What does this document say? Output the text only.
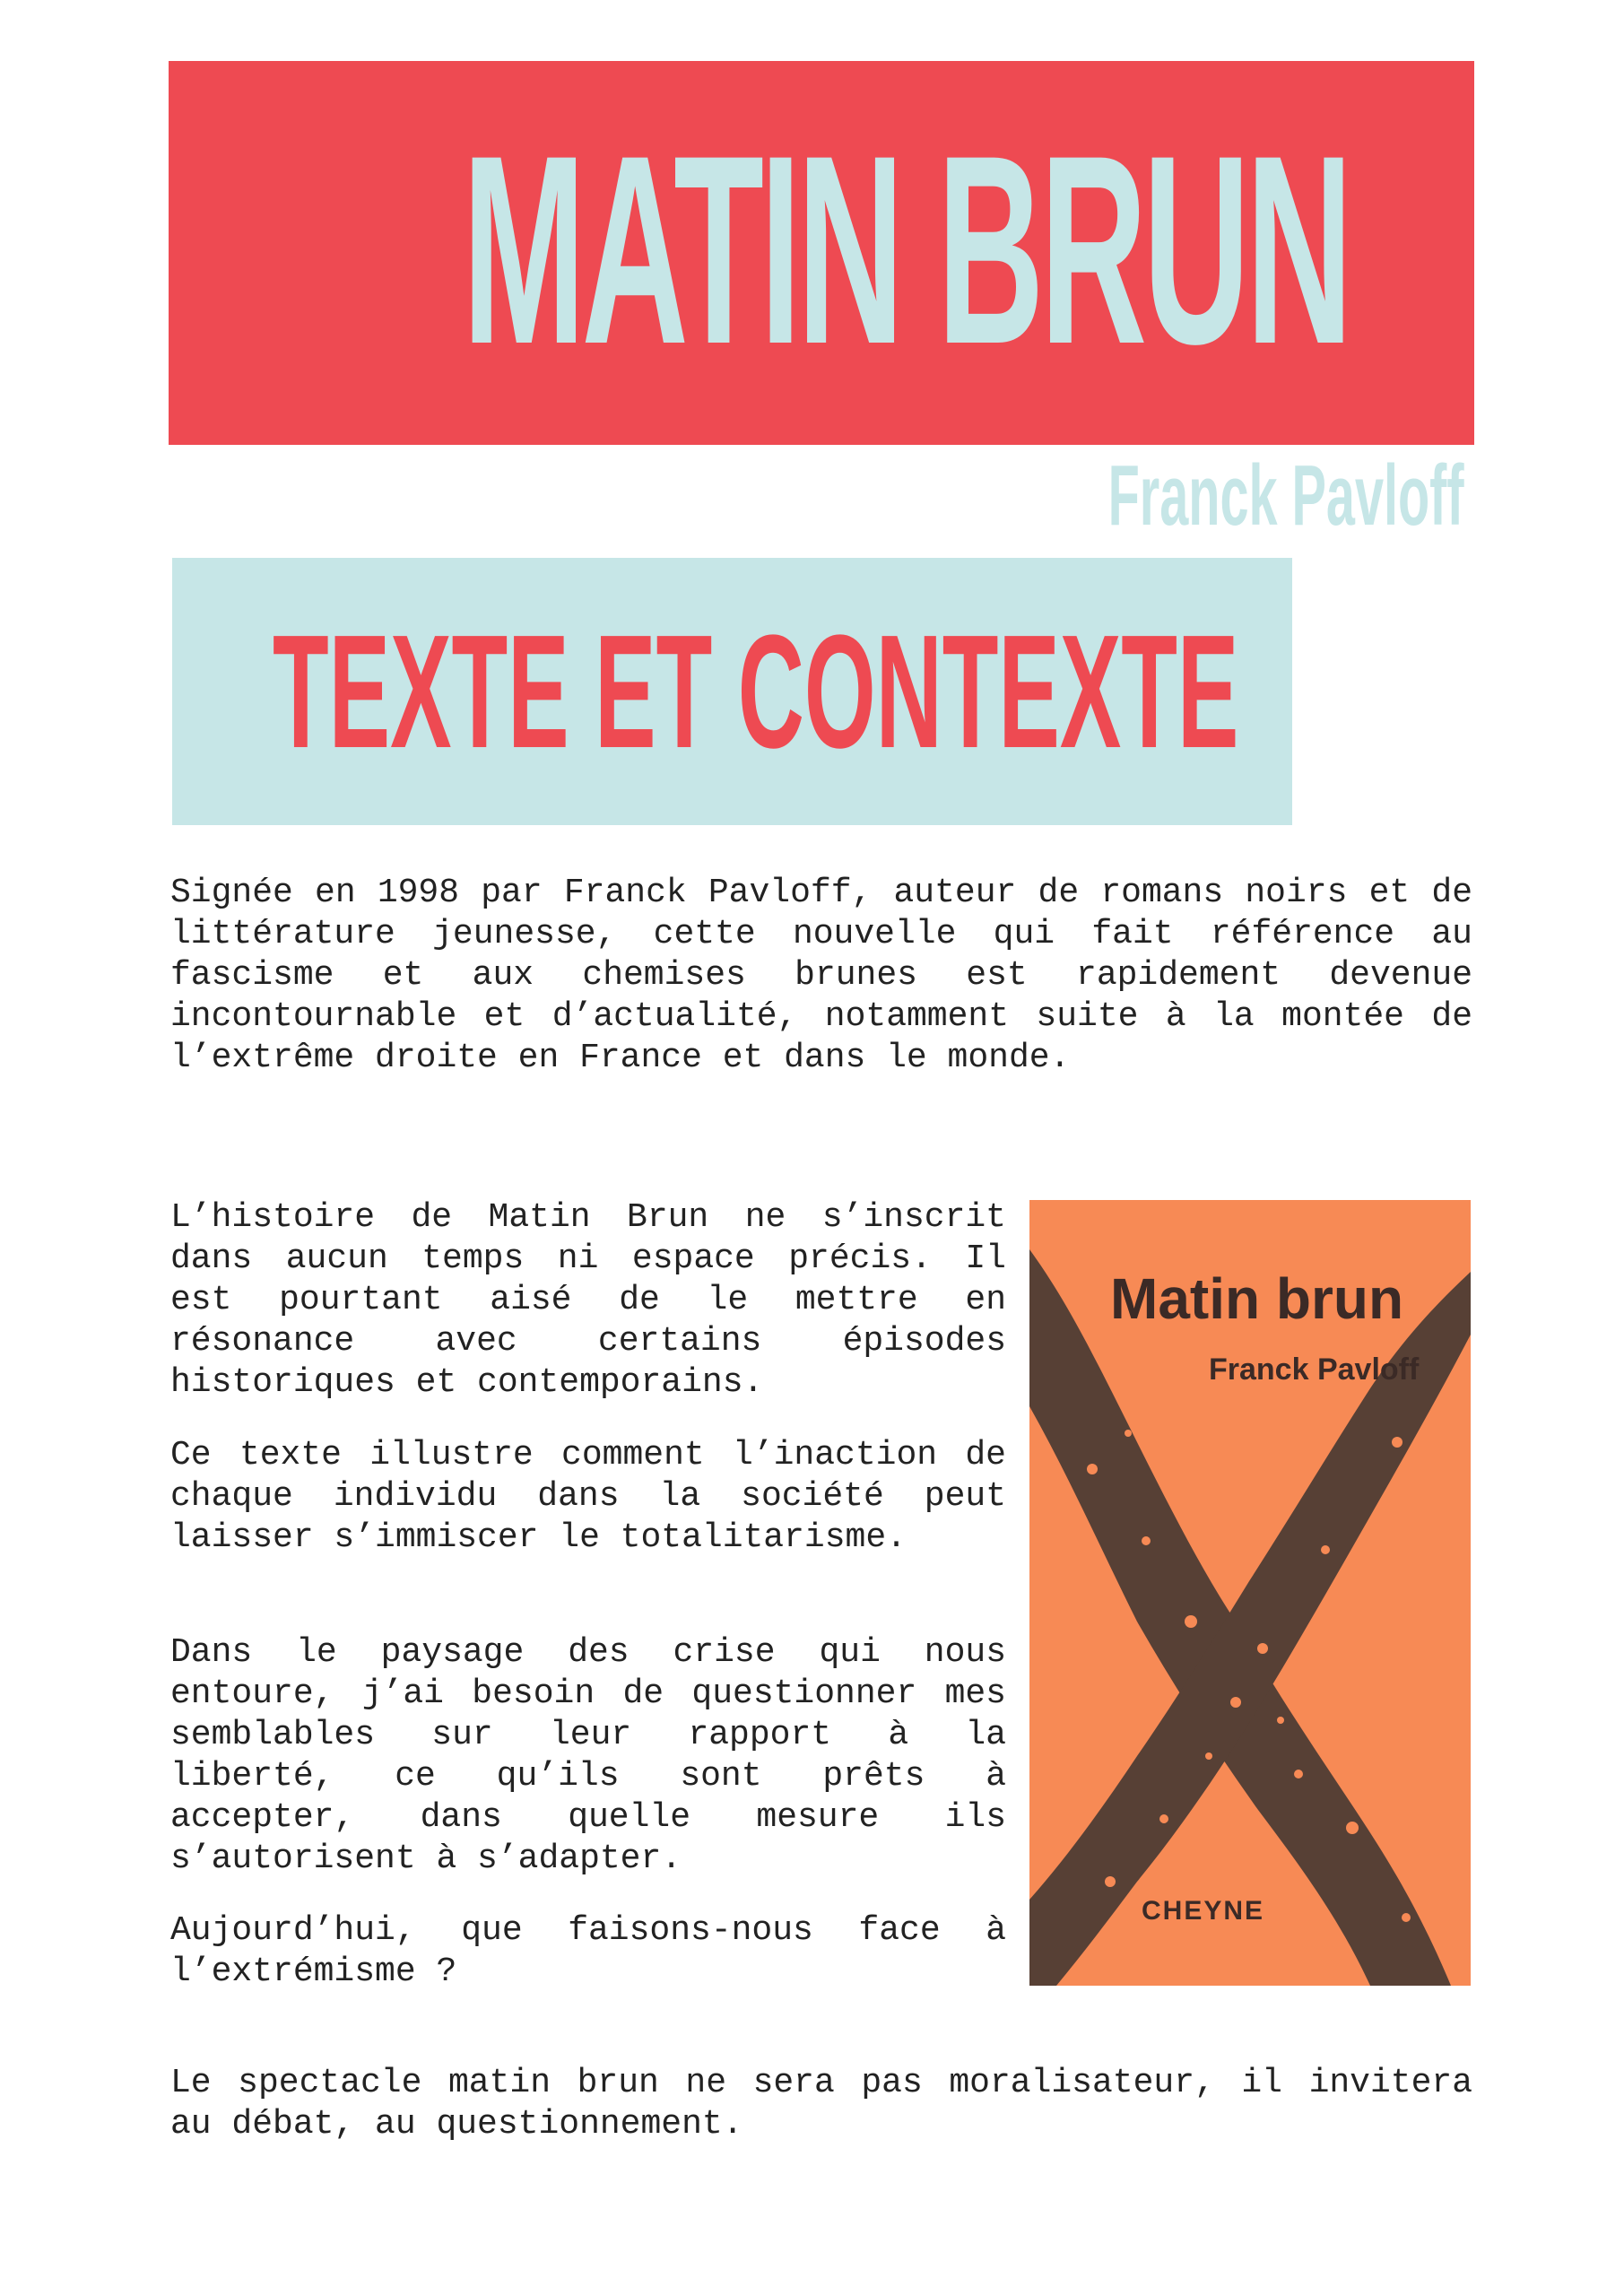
MATIN BRUN
Franck Pavloff
TEXTE ET CONTEXTE

Signée en 1998 par Franck Pavloff, auteur de romans noirs et de littérature jeunesse, cette nouvelle qui fait référence au fascisme et aux chemises brunes est rapidement devenue incontournable et d’actualité, notamment suite à la montée de l’extrême droite en France et dans le monde.

L’histoire de Matin Brun ne s’inscrit dans aucun temps ni espace précis. Il est pourtant aisé de le mettre en résonance avec certains épisodes historiques et contemporains.

Ce texte illustre comment l’inaction de chaque individu dans la société peut laisser s’immiscer le totalitarisme.

Dans le paysage des crise qui nous entoure, j’ai besoin de questionner mes semblables sur leur rapport à la liberté, ce qu’ils sont prêts à accepter, dans quelle mesure ils s’autorisent à s’adapter.

Aujourd’hui, que faisons-nous face à l’extrémisme ?

Matin brun
Franck Pavloff
CHEYNE

Le spectacle matin brun ne sera pas moralisateur, il invitera au débat, au questionnement.
